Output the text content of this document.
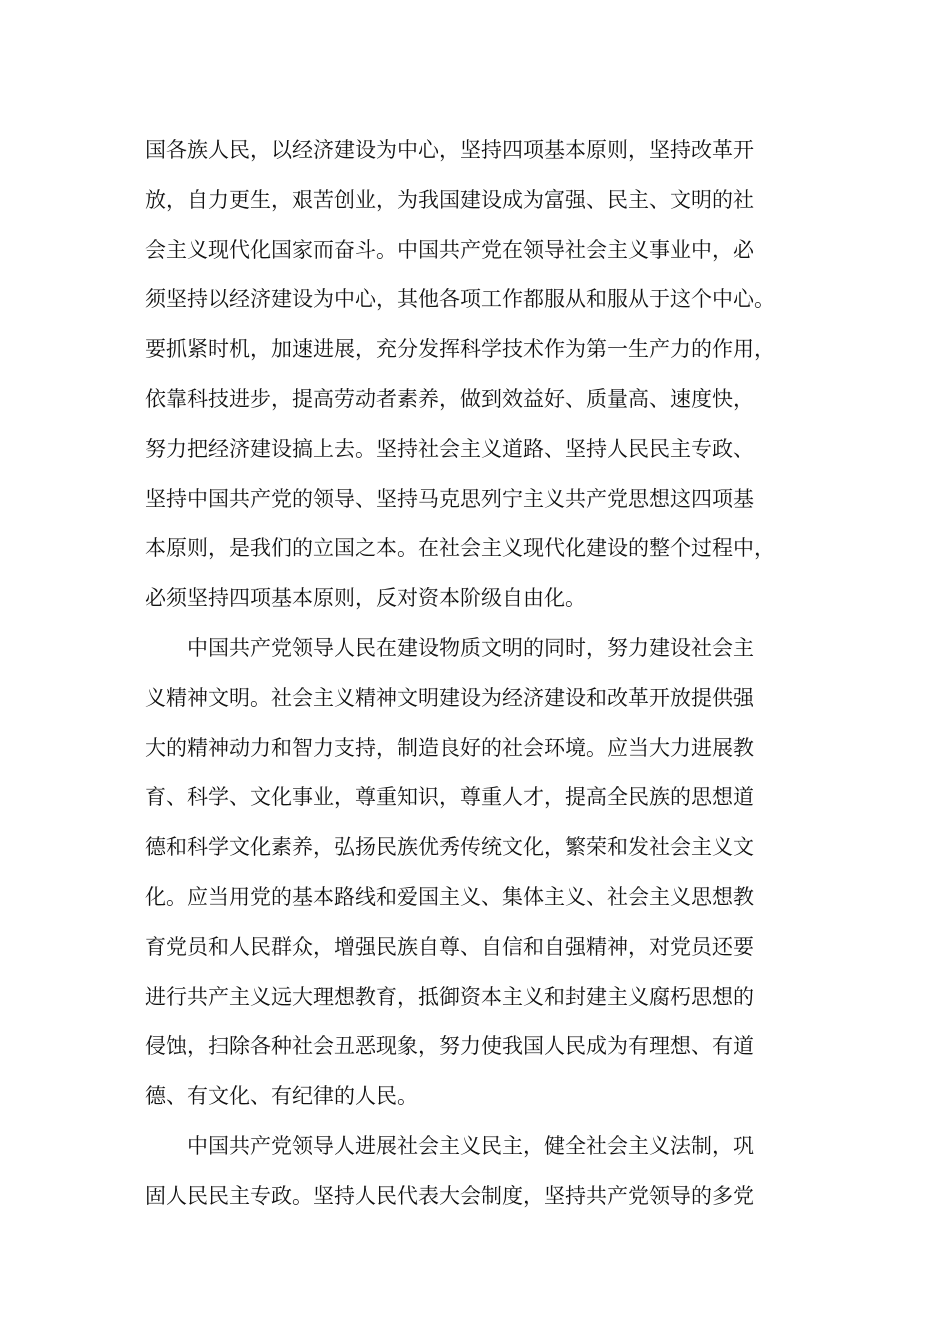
国各族人民，以经济建设为中心，坚持四项基本原则，坚持改革开
放，自力更生，艰苦创业，为我国建设成为富强、民主、文明的社
会主义现代化国家而奋斗。中国共产党在领导社会主义事业中，必
须坚持以经济建设为中心，其他各项工作都服从和服从于这个中心。
要抓紧时机，加速进展，充分发挥科学技术作为第一生产力的作用，
依靠科技进步，提高劳动者素养，做到效益好、质量高、速度快，
努力把经济建设搞上去。坚持社会主义道路、坚持人民民主专政、
坚持中国共产党的领导、坚持马克思列宁主义共产党思想这四项基
本原则，是我们的立国之本。在社会主义现代化建设的整个过程中，
必须坚持四项基本原则，反对资本阶级自由化。
中国共产党领导人民在建设物质文明的同时，努力建设社会主
义精神文明。社会主义精神文明建设为经济建设和改革开放提供强
大的精神动力和智力支持，制造良好的社会环境。应当大力进展教
育、科学、文化事业，尊重知识，尊重人才，提高全民族的思想道
德和科学文化素养，弘扬民族优秀传统文化，繁荣和发社会主义文
化。应当用党的基本路线和爱国主义、集体主义、社会主义思想教
育党员和人民群众，增强民族自尊、自信和自强精神，对党员还要
进行共产主义远大理想教育，抵御资本主义和封建主义腐朽思想的
侵蚀，扫除各种社会丑恶现象，努力使我国人民成为有理想、有道
德、有文化、有纪律的人民。
中国共产党领导人进展社会主义民主，健全社会主义法制，巩
固人民民主专政。坚持人民代表大会制度，坚持共产党领导的多党
